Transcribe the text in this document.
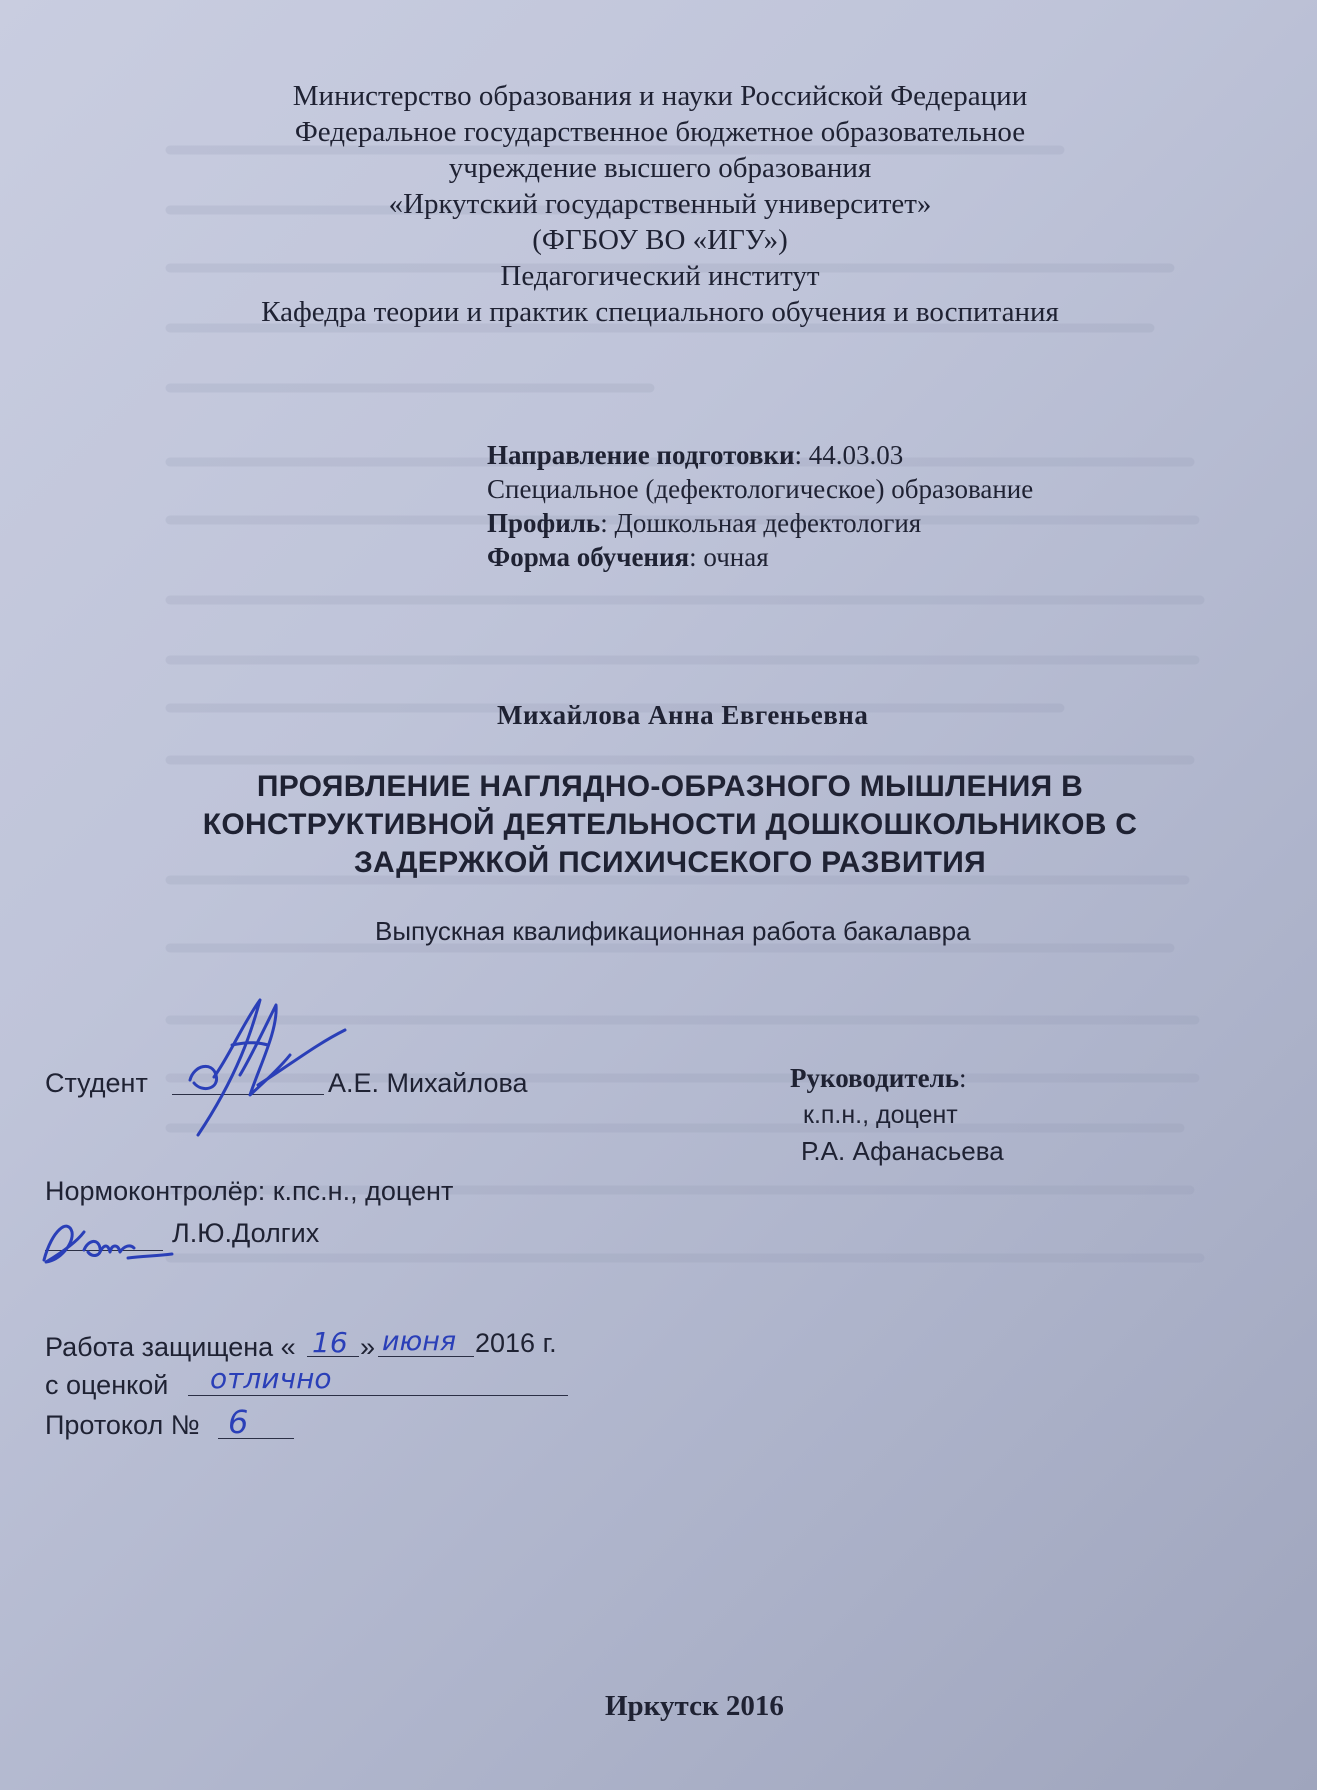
Министерство образования и науки Российской Федерации
Федеральное государственное бюджетное образовательное
учреждение высшего образования
«Иркутский государственный университет»
(ФГБОУ ВО «ИГУ»)
Педагогический институт
Кафедра теории и практик специального обучения и воспитания
Направление подготовки: 44.03.03
Специальное (дефектологическое) образование
Профиль: Дошкольная дефектология
Форма обучения: очная
Михайлова Анна Евгеньевна
ПРОЯВЛЕНИЕ НАГЛЯДНО-ОБРАЗНОГО МЫШЛЕНИЯ В
КОНСТРУКТИВНОЙ ДЕЯТЕЛЬНОСТИ ДОШКОШКОЛЬНИКОВ С
ЗАДЕРЖКОЙ ПСИХИЧСЕКОГО РАЗВИТИЯ
Выпускная квалификационная работа бакалавра
Студент	А.Е. Михайлова	Руководитель:
к.п.н., доцент
Р.А. Афанасьева
Нормоконтролёр: к.пс.н., доцент
Л.Ю.Долгих
Работа защищена « »	2016 г.
с оценкой
Протокол №
16 июня
отлично
6
Иркутск 2016
